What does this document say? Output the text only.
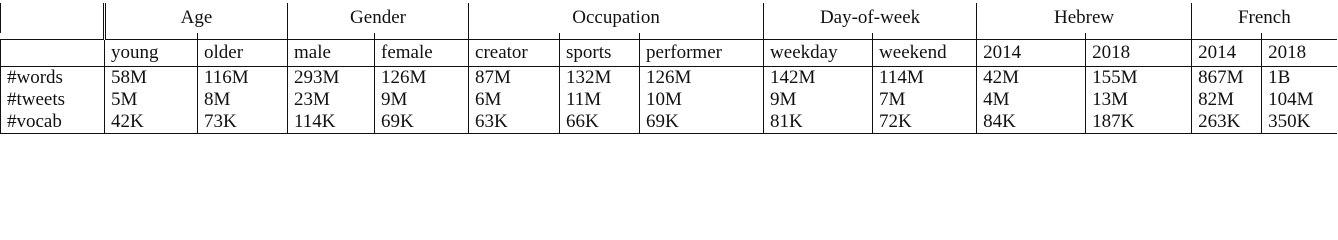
	Age		Gender		Occupation			Day-of-week		Hebrew		French	

	young	older	male	female	creator	sports	performer	weekday	weekend	2014	2018	2014	2018
#words	58M	116M	293M	126M	87M	132M	126M	142M	114M	42M	155M	867M	1B
#tweets	5M	8M	23M	9M	6M	11M	10M	9M	7M	4M	13M	82M	104M
#vocab	42K	73K	114K	69K	63K	66K	69K	81K	72K	84K	187K	263K	350K
